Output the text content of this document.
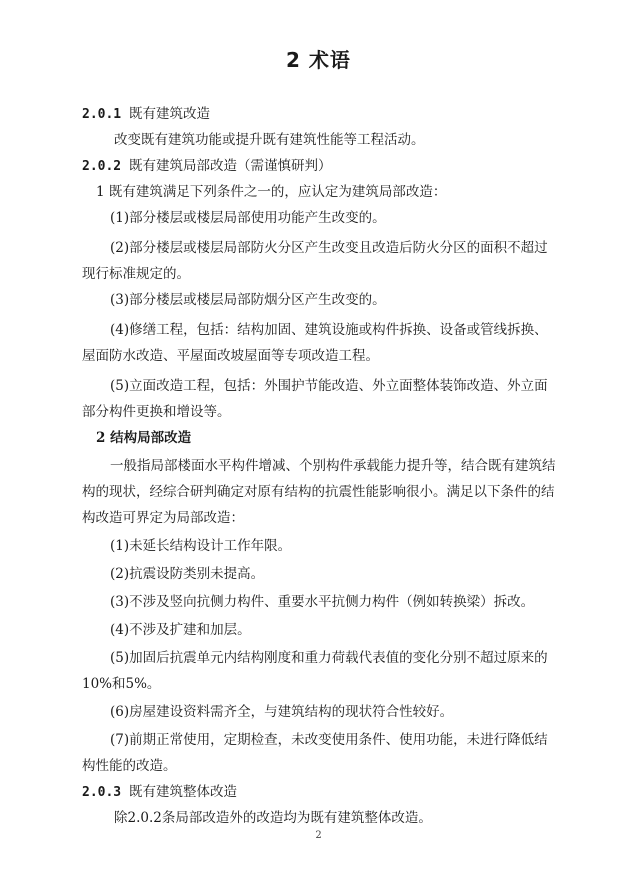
2 术语
2.0.1 既有建筑改造
改变既有建筑功能或提升既有建筑性能等工程活动。
2.0.2 既有建筑局部改造（需谨慎研判）
1 既有建筑满足下列条件之一的，应认定为建筑局部改造：
(1)部分楼层或楼层局部使用功能产生改变的。
(2)部分楼层或楼层局部防火分区产生改变且改造后防火分区的面积不超过
现行标准规定的。
(3)部分楼层或楼层局部防烟分区产生改变的。
(4)修缮工程，包括：结构加固、建筑设施或构件拆换、设备或管线拆换、
屋面防水改造、平屋面改坡屋面等专项改造工程。
(5)立面改造工程，包括：外围护节能改造、外立面整体装饰改造、外立面
部分构件更换和增设等。
2 结构局部改造
一般指局部楼面水平构件增减、个别构件承载能力提升等，结合既有建筑结
构的现状，经综合研判确定对原有结构的抗震性能影响很小。满足以下条件的结
构改造可界定为局部改造：
(1)未延长结构设计工作年限。
(2)抗震设防类别未提高。
(3)不涉及竖向抗侧力构件、重要水平抗侧力构件（例如转换梁）拆改。
(4)不涉及扩建和加层。
(5)加固后抗震单元内结构刚度和重力荷载代表值的变化分别不超过原来的
10%和5%。
(6)房屋建设资料需齐全，与建筑结构的现状符合性较好。
(7)前期正常使用，定期检查，未改变使用条件、使用功能，未进行降低结
构性能的改造。
2.0.3 既有建筑整体改造
除2.0.2条局部改造外的改造均为既有建筑整体改造。
2
